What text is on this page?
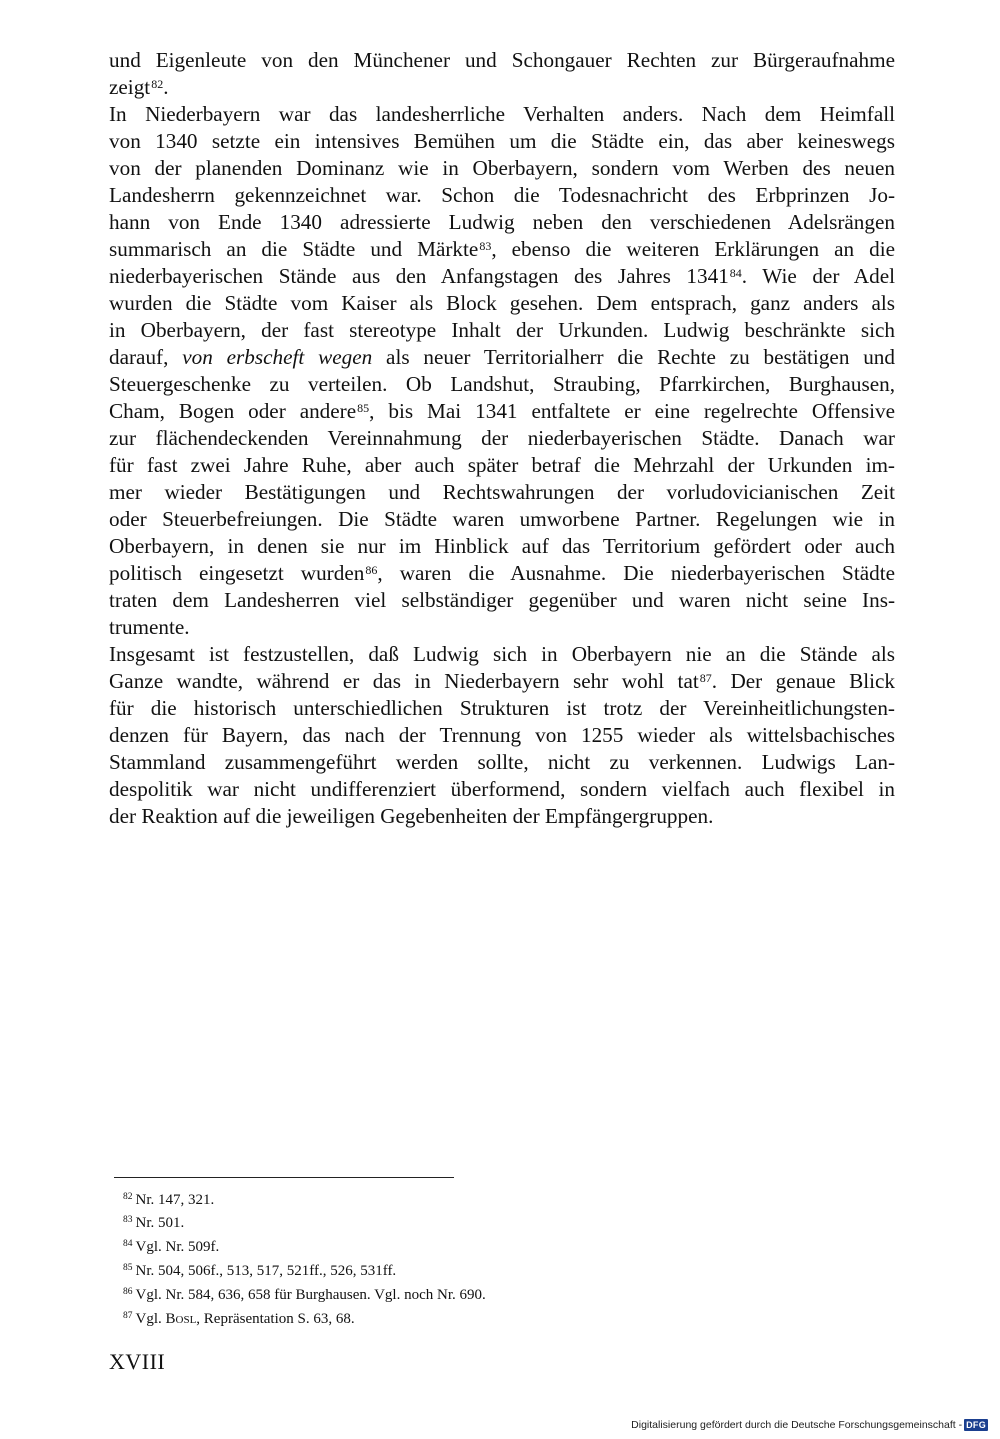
und Eigenleute von den Münchener und Schongauer Rechten zur Bürgeraufnahme
zeigt$^{82}$.
In Niederbayern war das landesherrliche Verhalten anders. Nach dem Heimfall
von 1340 setzte ein intensives Bemühen um die Städte ein, das aber keineswegs
von der planenden Dominanz wie in Oberbayern, sondern vom Werben des neuen
Landesherrn gekennzeichnet war. Schon die Todesnachricht des Erbprinzen Jo-
hann von Ende 1340 adressierte Ludwig neben den verschiedenen Adelsrängen
summarisch an die Städte und Märkte$^{83}$, ebenso die weiteren Erklärungen an die
niederbayerischen Stände aus den Anfangstagen des Jahres 1341$^{84}$. Wie der Adel
wurden die Städte vom Kaiser als Block gesehen. Dem entsprach, ganz anders als
in Oberbayern, der fast stereotype Inhalt der Urkunden. Ludwig beschränkte sich
darauf, von erbscheft wegen als neuer Territorialherr die Rechte zu bestätigen und
Steuergeschenke zu verteilen. Ob Landshut, Straubing, Pfarrkirchen, Burghausen,
Cham, Bogen oder andere$^{85}$, bis Mai 1341 entfaltete er eine regelrechte Offensive
zur flächendeckenden Vereinnahmung der niederbayerischen Städte. Danach war
für fast zwei Jahre Ruhe, aber auch später betraf die Mehrzahl der Urkunden im-
mer wieder Bestätigungen und Rechtswahrungen der vorludovicianischen Zeit
oder Steuerbefreiungen. Die Städte waren umworbene Partner. Regelungen wie in
Oberbayern, in denen sie nur im Hinblick auf das Territorium gefördert oder auch
politisch eingesetzt wurden$^{86}$, waren die Ausnahme. Die niederbayerischen Städte
traten dem Landesherren viel selbständiger gegenüber und waren nicht seine Ins-
trumente.
Insgesamt ist festzustellen, daß Ludwig sich in Oberbayern nie an die Stände als
Ganze wandte, während er das in Niederbayern sehr wohl tat$^{87}$. Der genaue Blick
für die historisch unterschiedlichen Strukturen ist trotz der Vereinheitlichungsten-
denzen für Bayern, das nach der Trennung von 1255 wieder als wittelsbachisches
Stammland zusammengeführt werden sollte, nicht zu verkennen. Ludwigs Lan-
despolitik war nicht undifferenziert überformend, sondern vielfach auch flexibel in
der Reaktion auf die jeweiligen Gegebenheiten der Empfängergruppen.
$^{82}$ Nr. 147, 321.
$^{83}$ Nr. 501.
$^{84}$ Vgl. Nr. 509f.
$^{85}$ Nr. 504, 506f., 513, 517, 521ff., 526, 531ff.
$^{86}$ Vgl. Nr. 584, 636, 658 für Burghausen. Vgl. noch Nr. 690.
$^{87}$ Vgl. Bosl, Repräsentation S. 63, 68.
XVIII
Digitalisierung gefördert durch die Deutsche Forschungsgemeinschaft - DFG
